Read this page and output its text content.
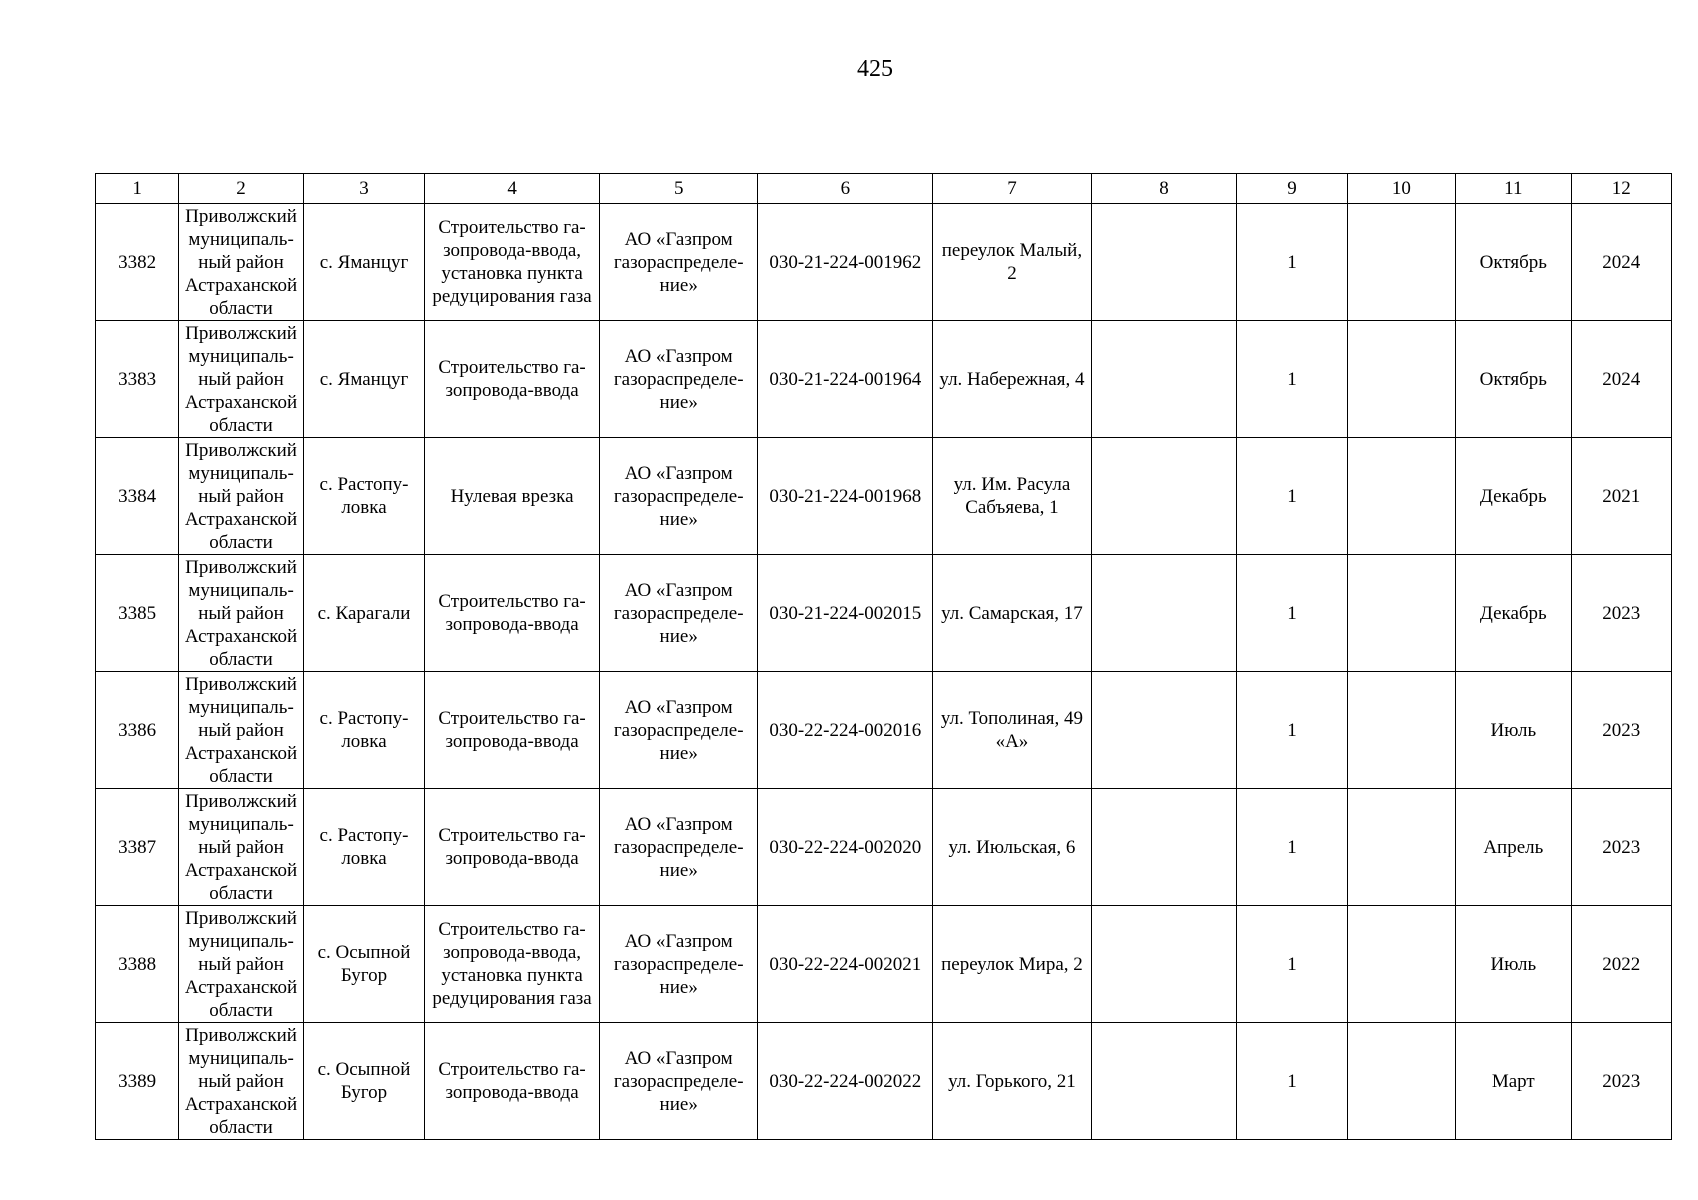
425
1	2	3	4	5	6	7	8	9	10	11	12
3382	Приволжский
муниципаль-
ный район
Астраханской
области	с. Яманцуг	Строительство га-
зопровода-ввода,
установка пункта
редуцирования газа	АО «Газпром
газораспределе-
ние»	030-21-224-001962	переулок Малый,
2		1		Октябрь	2024
3383	Приволжский
муниципаль-
ный район
Астраханской
области	с. Яманцуг	Строительство га-
зопровода-ввода	АО «Газпром
газораспределе-
ние»	030-21-224-001964	ул. Набережная, 4		1		Октябрь	2024
3384	Приволжский
муниципаль-
ный район
Астраханской
области	с. Растопу-
ловка	Нулевая врезка	АО «Газпром
газораспределе-
ние»	030-21-224-001968	ул. Им. Расула
Сабъяева, 1		1		Декабрь	2021
3385	Приволжский
муниципаль-
ный район
Астраханской
области	с. Карагали	Строительство га-
зопровода-ввода	АО «Газпром
газораспределе-
ние»	030-21-224-002015	ул. Самарская, 17		1		Декабрь	2023
3386	Приволжский
муниципаль-
ный район
Астраханской
области	с. Растопу-
ловка	Строительство га-
зопровода-ввода	АО «Газпром
газораспределе-
ние»	030-22-224-002016	ул. Тополиная, 49
«А»		1		Июль	2023
3387	Приволжский
муниципаль-
ный район
Астраханской
области	с. Растопу-
ловка	Строительство га-
зопровода-ввода	АО «Газпром
газораспределе-
ние»	030-22-224-002020	ул. Июльская, 6		1		Апрель	2023
3388	Приволжский
муниципаль-
ный район
Астраханской
области	с. Осыпной
Бугор	Строительство га-
зопровода-ввода,
установка пункта
редуцирования газа	АО «Газпром
газораспределе-
ние»	030-22-224-002021	переулок Мира, 2		1		Июль	2022
3389	Приволжский
муниципаль-
ный район
Астраханской
области	с. Осыпной
Бугор	Строительство га-
зопровода-ввода	АО «Газпром
газораспределе-
ние»	030-22-224-002022	ул. Горького, 21		1		Март	2023
